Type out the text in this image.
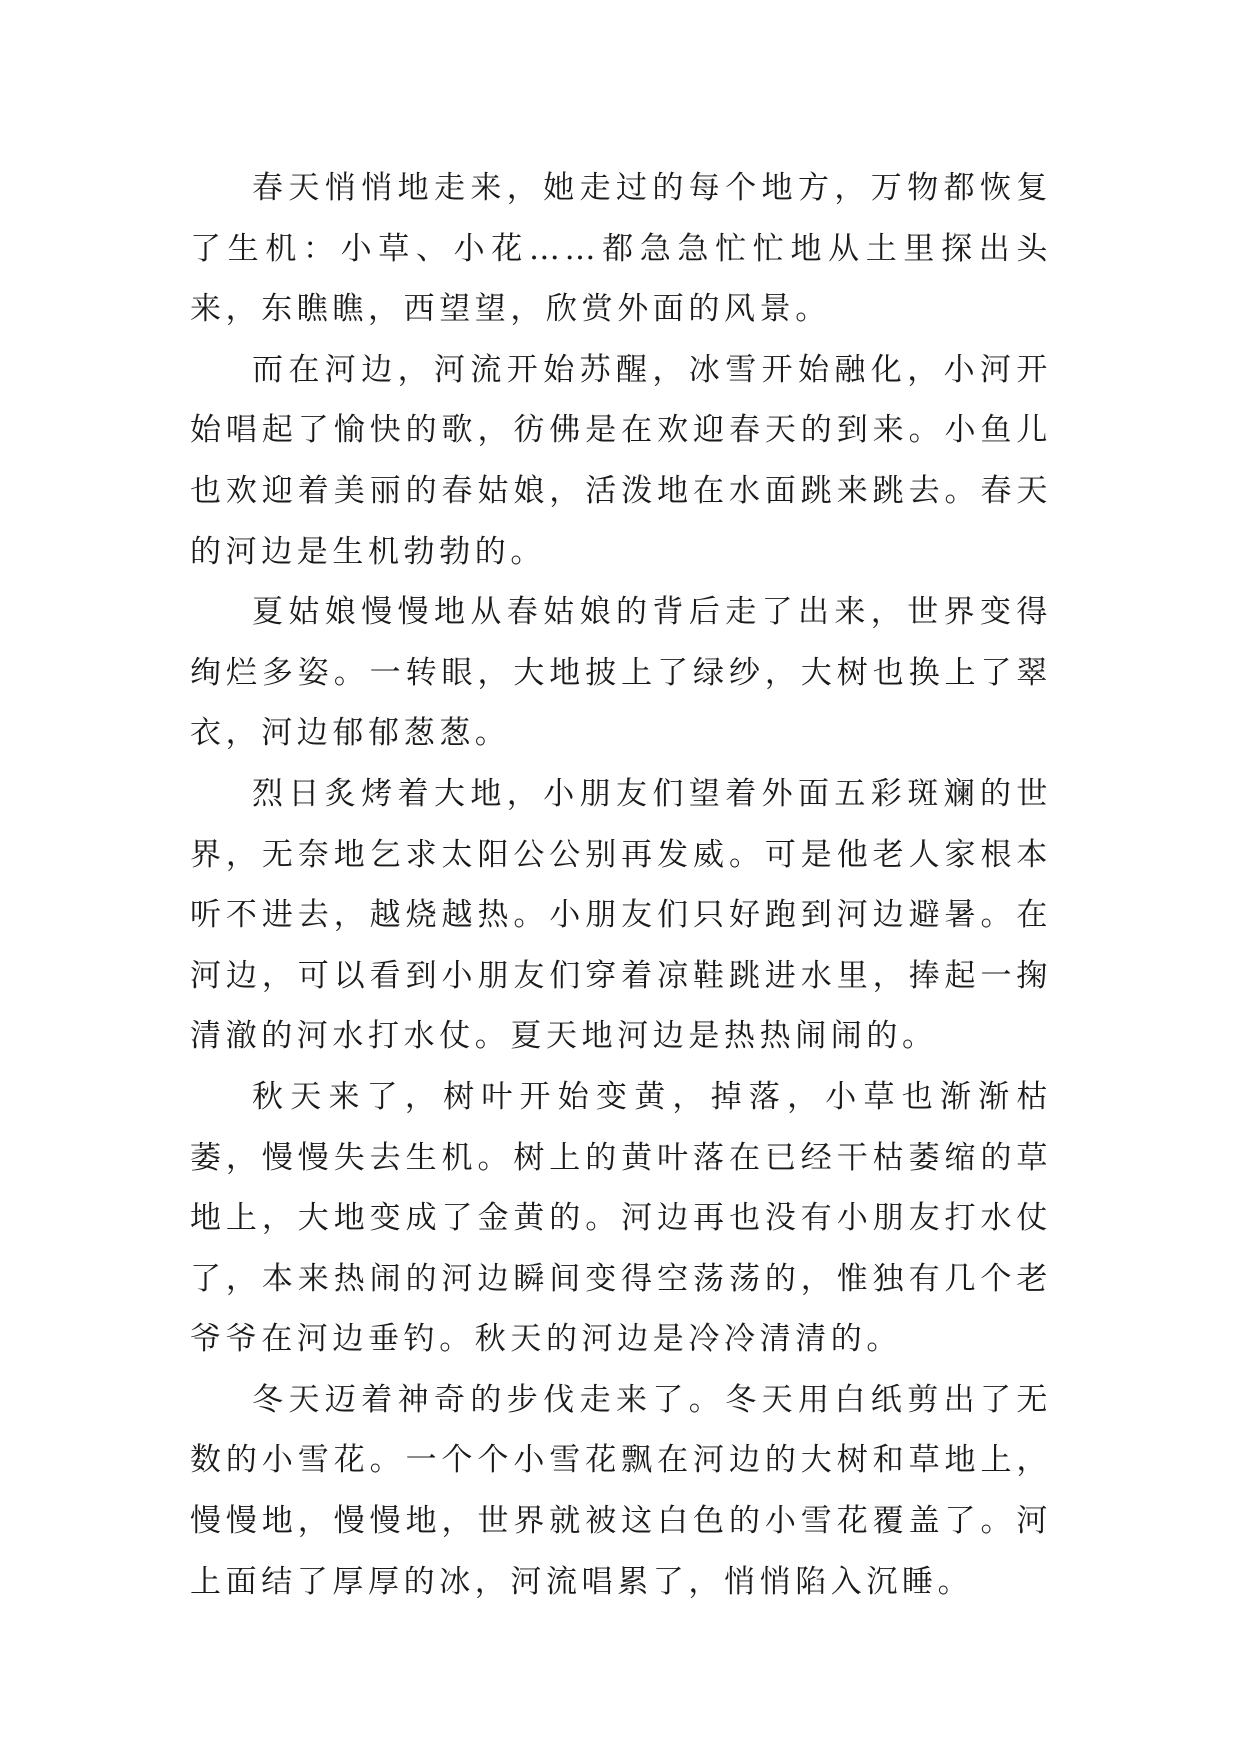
春天悄悄地走来，她走过的每个地方，万物都恢复了生机：小草、小花……都急急忙忙地从土里探出头来，东瞧瞧，西望望，欣赏外面的风景。

而在河边，河流开始苏醒，冰雪开始融化，小河开始唱起了愉快的歌，彷佛是在欢迎春天的到来。小鱼儿也欢迎着美丽的春姑娘，活泼地在水面跳来跳去。春天的河边是生机勃勃的。

夏姑娘慢慢地从春姑娘的背后走了出来，世界变得绚烂多姿。一转眼，大地披上了绿纱，大树也换上了翠衣，河边郁郁葱葱。

烈日炙烤着大地，小朋友们望着外面五彩斑斓的世界，无奈地乞求太阳公公别再发威。可是他老人家根本听不进去，越烧越热。小朋友们只好跑到河边避暑。在河边，可以看到小朋友们穿着凉鞋跳进水里，捧起一掬清澈的河水打水仗。夏天地河边是热热闹闹的。

秋天来了，树叶开始变黄，掉落，小草也渐渐枯萎，慢慢失去生机。树上的黄叶落在已经干枯萎缩的草地上，大地变成了金黄的。河边再也没有小朋友打水仗了，本来热闹的河边瞬间变得空荡荡的，惟独有几个老爷爷在河边垂钓。秋天的河边是冷冷清清的。

冬天迈着神奇的步伐走来了。冬天用白纸剪出了无数的小雪花。一个个小雪花飘在河边的大树和草地上，慢慢地，慢慢地，世界就被这白色的小雪花覆盖了。河上面结了厚厚的冰，河流唱累了，悄悄陷入沉睡。
